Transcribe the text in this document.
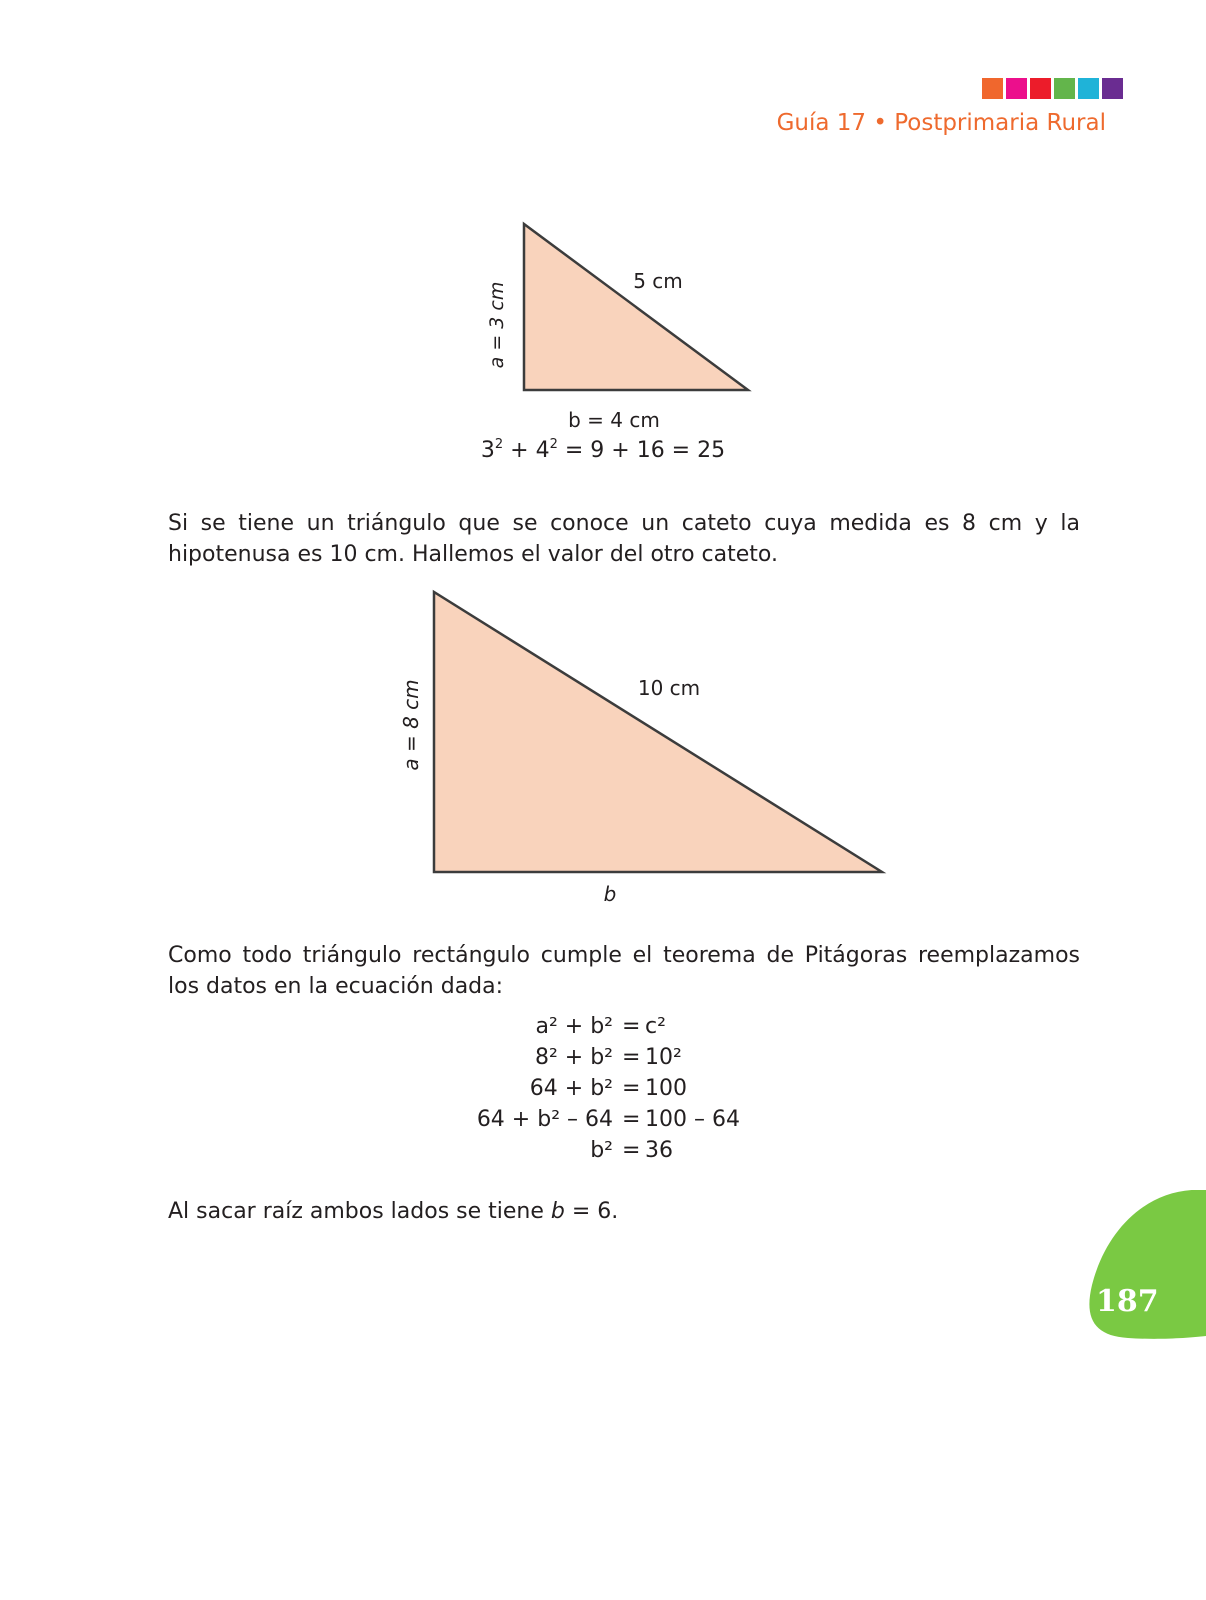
Guía 17 • Postprimaria Rural
a = 3 cm
5 cm
b = 4 cm
$3^2 + 4^2 = 9 + 16 = 25$

Si se tiene un triángulo que se conoce un cateto cuya medida es 8 cm y la hipotenusa es 10 cm. Hallemos el valor del otro cateto.

a = 8 cm	10 cm
b

Como todo triángulo rectángulo cumple el teorema de Pitágoras reemplazamos los datos en la ecuación dada:

a² + b² = c²
8² + b² = 10²
64 + b² = 100
64 + b² – 64 = 100 – 64
b² = 36

Al sacar raíz ambos lados se tiene b = 6.

187
